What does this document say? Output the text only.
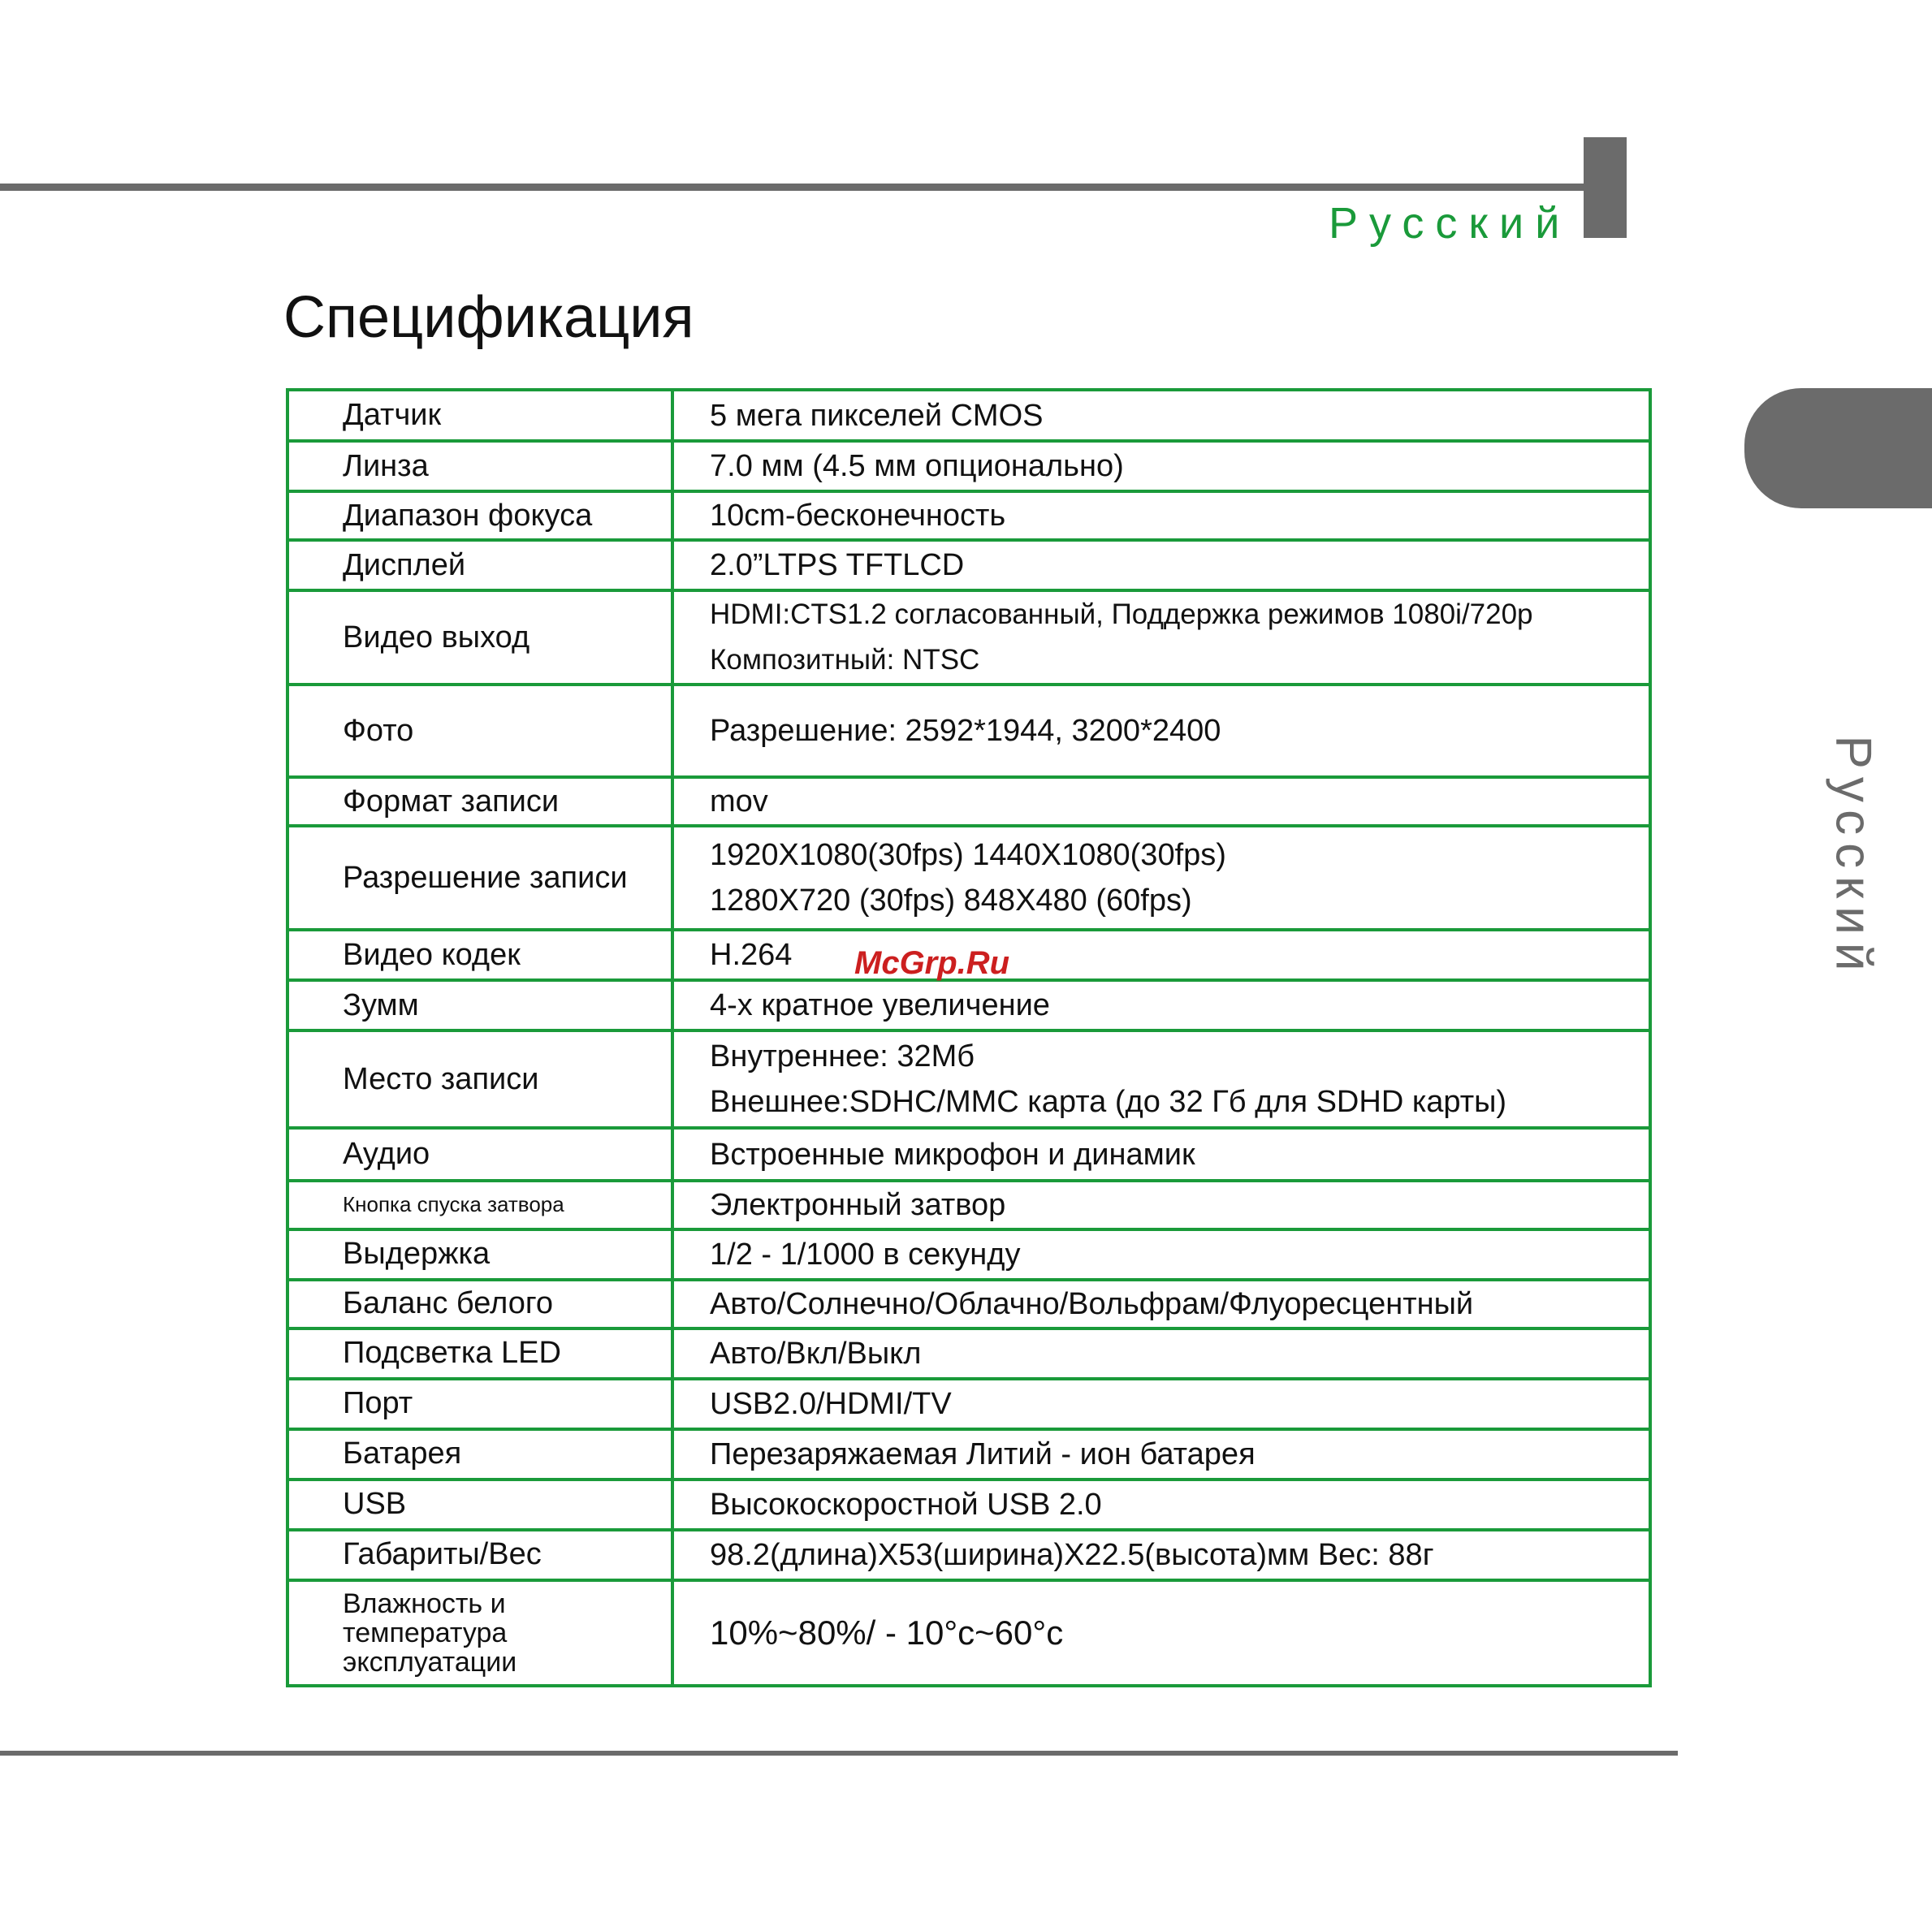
Русский
Русский
Спецификация
Датчик	5 мега пикселей CMOS

Линза	7.0 мм (4.5 мм опционально)

Диапазон фокуса	10cm-бесконечность

Дисплей	2.0”LTPS TFTLCD

Видео выход	HDMI:CTS1.2 согласованный, Поддержка режимов 1080i/720p
Композитный: NTSC

Фото	Разрешение: 2592*1944, 3200*2400

Формат записи	mov

Разрешение записи	1920X1080(30fps) 1440X1080(30fps)
1280X720 (30fps) 848X480 (60fps)

Видео кодек	H.264

Зумм	4-х кратное увеличение

Место записи	Внутреннее: 32Мб
Внешнее:SDHC/MMC карта (до 32 Гб для SDHD карты)

Аудио	Встроенные микрофон и динамик

Кнопка спуска затвора	Электронный затвор

Выдержка	1/2 - 1/1000 в секунду

Баланс белого	Авто/Солнечно/Облачно/Вольфрам/Флуоресцентный

Подсветка LED	Авто/Вкл/Выкл

Порт	USB2.0/HDMI/TV

Батарея	Перезаряжаемая Литий - ион батарея

USB	Высокоскоростной USB 2.0

Габариты/Вес	98.2(длина)X53(ширина)X22.5(высота)мм Вес: 88г

Влажность и температура эксплуатации	10%~80%/ - 10°c~60°c
McGrp.Ru
